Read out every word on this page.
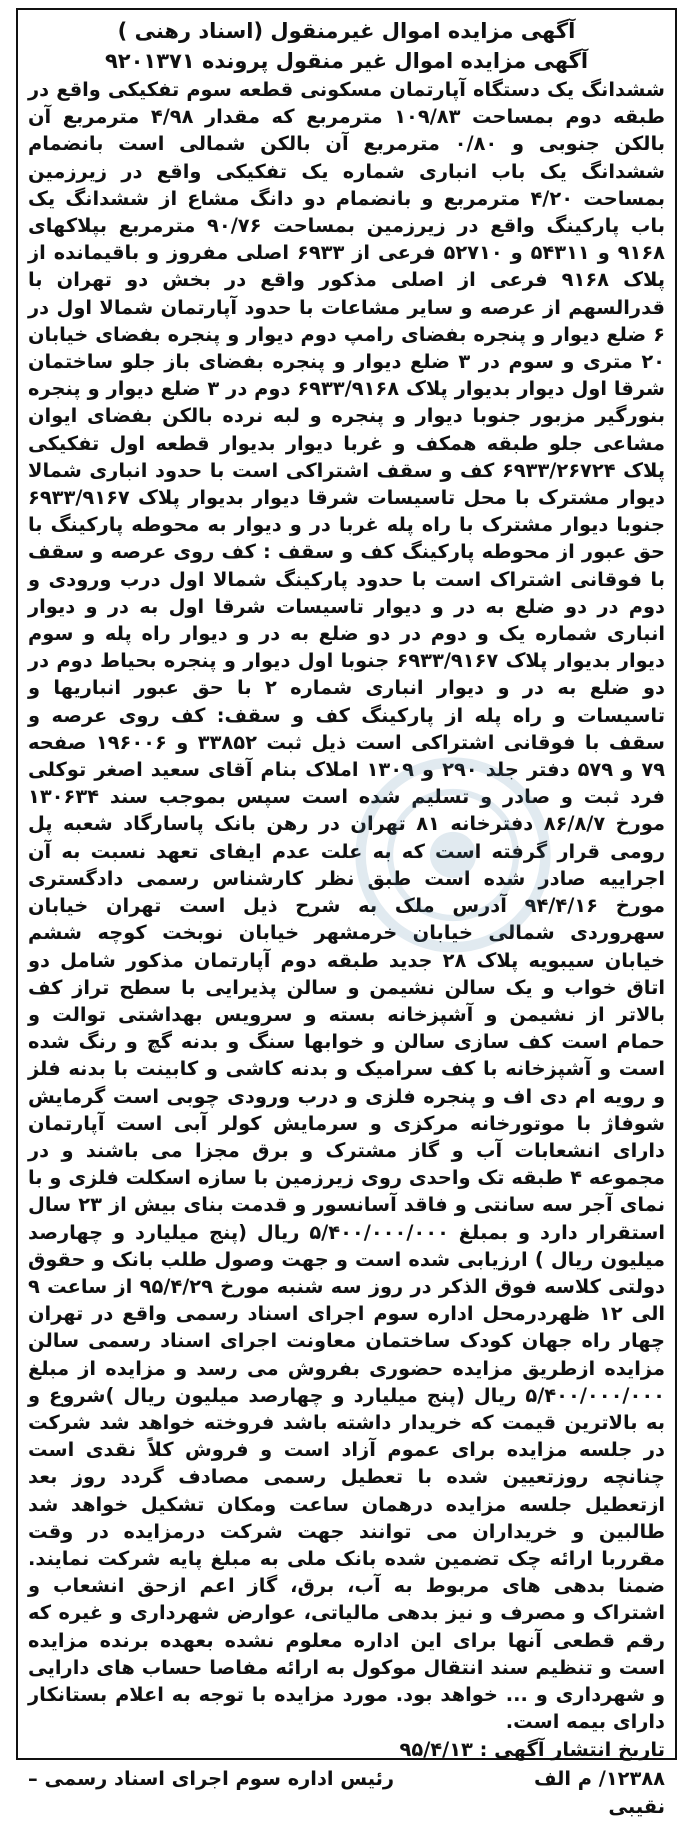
آگهی مزایده اموال غیرمنقول (اسناد رهنی )

آگهی مزایده اموال غیر منقول پرونده ۹۲۰۱۳۷۱

ششدانگ یک دستگاه آپارتمان مسکونی قطعه سوم تفکیکی واقع در طبقه دوم بمساحت ۱۰۹/۸۳ مترمربع که مقدار ۴/۹۸ مترمربع آن بالکن جنوبی و ۰/۸۰ مترمربع آن بالکن شمالی است بانضمام ششدانگ یک باب انباری شماره یک تفکیکی واقع در زیرزمین بمساحت ۴/۲۰ مترمربع و بانضمام دو دانگ مشاع از ششدانگ یک باب پارکینگ واقع در زیرزمین بمساحت ۹۰/۷۶ مترمربع بپلاکهای ۹۱۶۸ و ۵۴۳۱۱ و ۵۲۷۱۰ فرعی از ۶۹۳۳ اصلی مفروز و باقیمانده از پلاک ۹۱۶۸ فرعی از اصلی مذکور واقع در بخش دو تهران با قدرالسهم از عرصه و سایر مشاعات با حدود آپارتمان شمالا اول در ۶ ضلع دیوار و پنجره بفضای رامپ دوم دیوار و پنجره بفضای خیابان ۲۰ متری و سوم در ۳ ضلع دیوار و پنجره بفضای باز جلو ساختمان شرقا اول دیوار بدیوار پلاک ۶۹۳۳/۹۱۶۸ دوم در ۳ ضلع دیوار و پنجره بنورگیر مزبور جنوبا دیوار و پنجره و لبه نرده بالکن بفضای ایوان مشاعی جلو طبقه همکف و غربا دیوار بدیوار قطعه اول تفکیکی پلاک ۶۹۳۳/۲۶۷۲۴ کف و سقف اشتراکی است با حدود انباری شمالا دیوار مشترک با محل تاسیسات شرقا دیوار بدیوار پلاک ۶۹۳۳/۹۱۶۷ جنوبا دیوار مشترک با راه پله غربا در و دیوار به محوطه پارکینگ با حق عبور از محوطه پارکینگ کف و سقف : کف روی عرصه و سقف با فوقانی اشتراک است با حدود پارکینگ شمالا اول درب ورودی و دوم در دو ضلع به در و دیوار تاسیسات شرقا اول به در و دیوار انباری شماره یک و دوم در دو ضلع به در و دیوار راه پله و سوم دیوار بدیوار پلاک ۶۹۳۳/۹۱۶۷ جنوبا اول دیوار و پنجره بحیاط دوم در دو ضلع به در و دیوار انباری شماره ۲ با حق عبور انباریها و تاسیسات و راه پله از پارکینگ کف و سقف: کف روی عرصه و سقف با فوقانی اشتراکی است ذیل ثبت ۳۳۸۵۲ و ۱۹۶۰۰۶ صفحه ۷۹ و ۵۷۹ دفتر جلد ۲۹۰ و ۱۳۰۹ املاک بنام آقای سعید اصغر توکلی فرد ثبت و صادر و تسلیم شده است سپس بموجب سند ۱۳۰۶۳۴ مورخ ۸۶/۸/۷ دفترخانه ۸۱ تهران در رهن بانک پاسارگاد شعبه پل رومی قرار گرفته است که به علت عدم ایفای تعهد نسبت به آن اجراییه صادر شده است طبق نظر کارشناس رسمی دادگستری مورخ ۹۴/۴/۱۶ آدرس ملک به شرح ذیل است تهران خیابان سهروردی شمالی خیابان خرمشهر خیابان نوبخت کوچه ششم خیابان سیبویه پلاک ۲۸ جدید طبقه دوم آپارتمان مذکور شامل دو اتاق خواب و یک سالن نشیمن و سالن پذیرایی با سطح تراز کف بالاتر از نشیمن و آشپزخانه بسته و سرویس بهداشتی توالت و حمام است کف سازی سالن و خوابها سنگ و بدنه گچ و رنگ شده است و آشپزخانه با کف سرامیک و بدنه کاشی و کابینت با بدنه فلز و رویه ام دی اف و پنجره فلزی و درب ورودی چوبی است گرمایش شوفاژ با موتورخانه مرکزی و سرمایش کولر آبی است آپارتمان دارای انشعابات آب و گاز مشترک و برق مجزا می باشند و در مجموعه ۴ طبقه تک واحدی روی زیرزمین با سازه اسکلت فلزی و با نمای آجر سه سانتی و فاقد آسانسور و قدمت بنای بیش از ۲۳ سال استقرار دارد و بمبلغ ۵/۴۰۰/۰۰۰/۰۰۰ ریال (پنج میلیارد و چهارصد میلیون ریال ) ارزیابی شده است و جهت وصول طلب بانک و حقوق دولتی کلاسه فوق الذکر در روز سه شنبه مورخ ۹۵/۴/۲۹ از ساعت ۹ الی ۱۲ ظهردرمحل اداره سوم اجرای اسناد رسمی واقع در تهران چهار راه جهان کودک ساختمان معاونت اجرای اسناد رسمی سالن مزایده ازطریق مزایده حضوری بفروش می رسد و مزایده از مبلغ ۵/۴۰۰/۰۰۰/۰۰۰ ریال (پنج میلیارد و چهارصد میلیون ریال )شروع و به بالاترین قیمت که خریدار داشته باشد فروخته خواهد شد شرکت در جلسه مزایده برای عموم آزاد است و فروش کلاً نقدی است چنانچه روزتعیین شده با تعطیل رسمی مصادف گردد روز بعد ازتعطیل جلسه مزایده درهمان ساعت ومکان تشکیل خواهد شد طالبین و خریداران می توانند جهت شرکت درمزایده در وقت مقرربا ارائه چک تضمین شده بانک ملی به مبلغ پایه شرکت نمایند. ضمنا بدهی های مربوط به آب، برق، گاز اعم ازحق انشعاب و اشتراک و مصرف و نیز بدهی مالیاتی، عوارض شهرداری و غیره که رقم قطعی آنها برای این اداره معلوم نشده بعهده برنده مزایده است و تنظیم سند انتقال موکول به ارائه مفاصا حساب های دارایی و شهرداری و ... خواهد بود. مورد مزایده با توجه به اعلام بستانکار دارای بیمه است.

تاریخ انتشار آگهی : ۹۵/۴/۱۳

۱۲۳۸۸/ م الف
رئیس اداره سوم اجرای اسناد رسمی –

نقیبی
